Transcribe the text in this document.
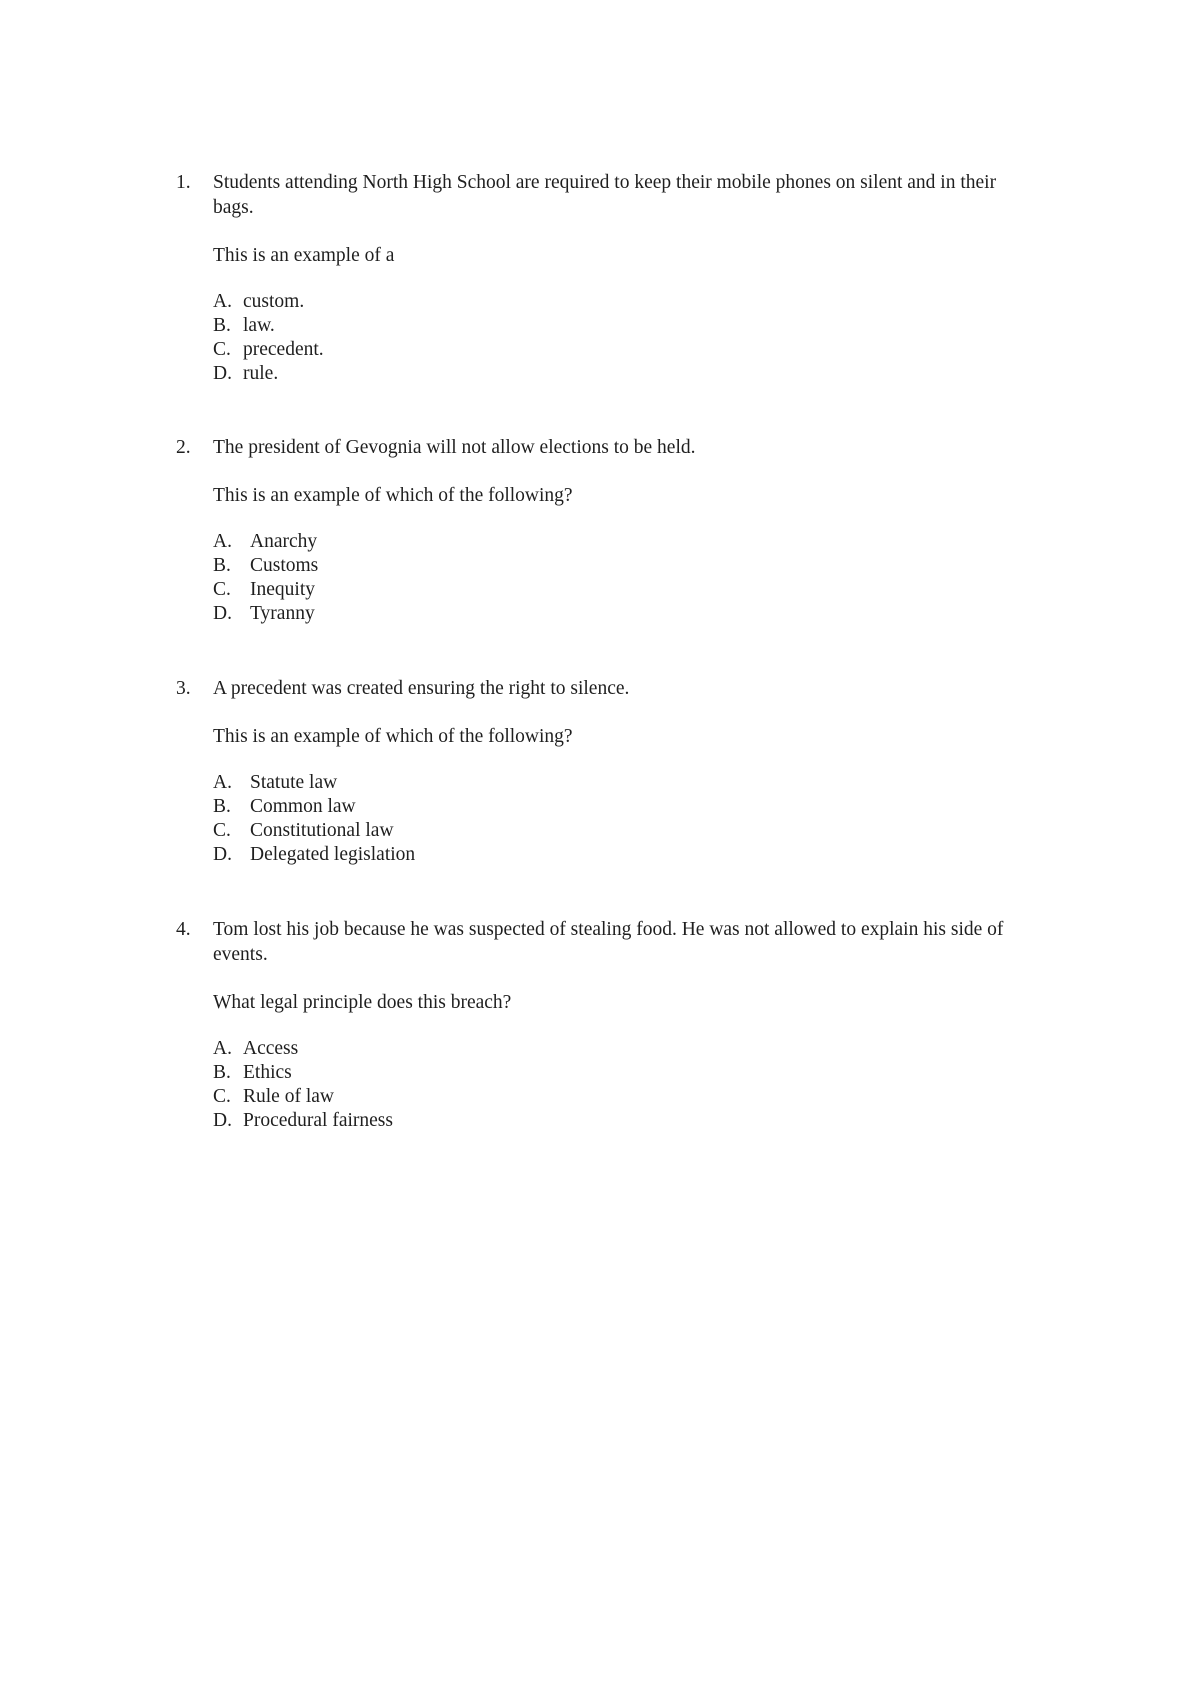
1.	Students attending North High School are required to keep their mobile phones on silent and in their bags.
This is an example of a
A. custom.
B. law.
C. precedent.
D. rule.
2.	The president of Gevognia will not allow elections to be held.
This is an example of which of the following?
A. Anarchy
B. Customs
C. Inequity
D. Tyranny
3.	A precedent was created ensuring the right to silence.
This is an example of which of the following?
A. Statute law
B. Common law
C. Constitutional law
D. Delegated legislation
4.	Tom lost his job because he was suspected of stealing food. He was not allowed to explain his side of events.
What legal principle does this breach?
A. Access
B. Ethics
C. Rule of law
D. Procedural fairness
